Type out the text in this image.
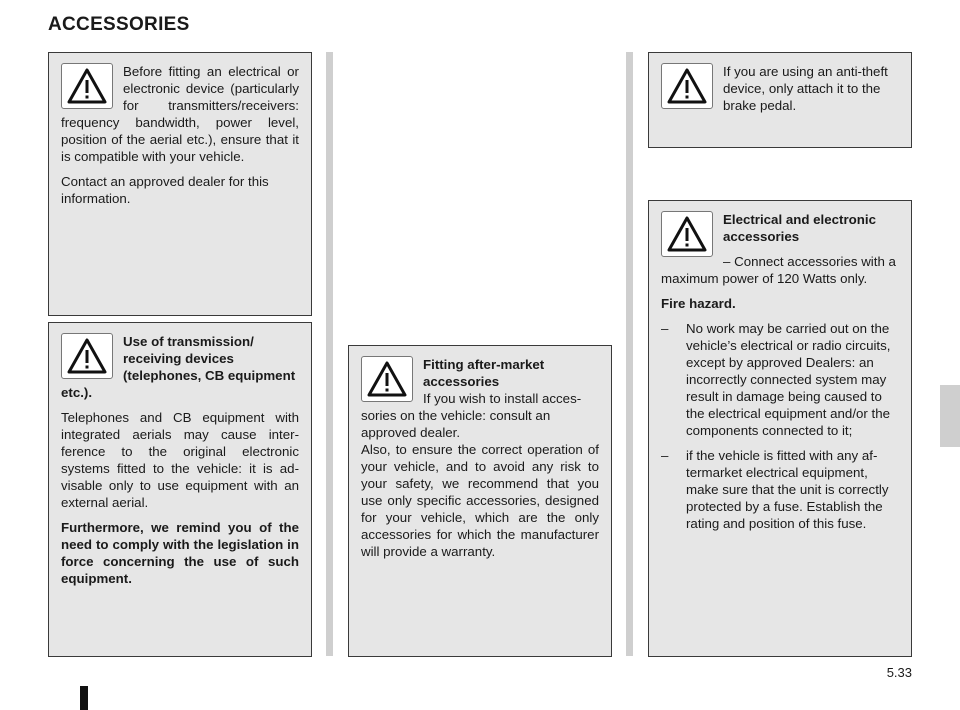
ACCESSORIES

Before fitting an electrical or electronic device (particularly for transmitters/receivers: frequency bandwidth, power level, position of the aerial etc.), ensure that it is compatible with your vehicle.

Contact an approved dealer for this information.

Use of transmission/ receiving devices (telephones, CB equipment etc.).

Telephones and CB equipment with integrated aerials may cause interference to the original electronic systems fitted to the vehicle: it is advisable only to use equipment with an external aerial.

Furthermore, we remind you of the need to comply with the legislation in force concerning the use of such equipment.

Fitting after-market accessories

If you wish to install accessories on the vehicle: consult an approved dealer.

Also, to ensure the correct operation of your vehicle, and to avoid any risk to your safety, we recommend that you use only specific accessories, designed for your vehicle, which are the only accessories for which the manufacturer will provide a warranty.

If you are using an anti-theft device, only attach it to the brake pedal.

Electrical and electronic accessories

– Connect accessories with a maximum power of 120 Watts only.

Fire hazard.

– No work may be carried out on the vehicle’s electrical or radio circuits, except by approved Dealers: an incorrectly connected system may result in damage being caused to the electrical equipment and/or the components connected to it;
– if the vehicle is fitted with any aftermarket electrical equipment, make sure that the unit is correctly protected by a fuse. Establish the rating and position of this fuse.
5.33
